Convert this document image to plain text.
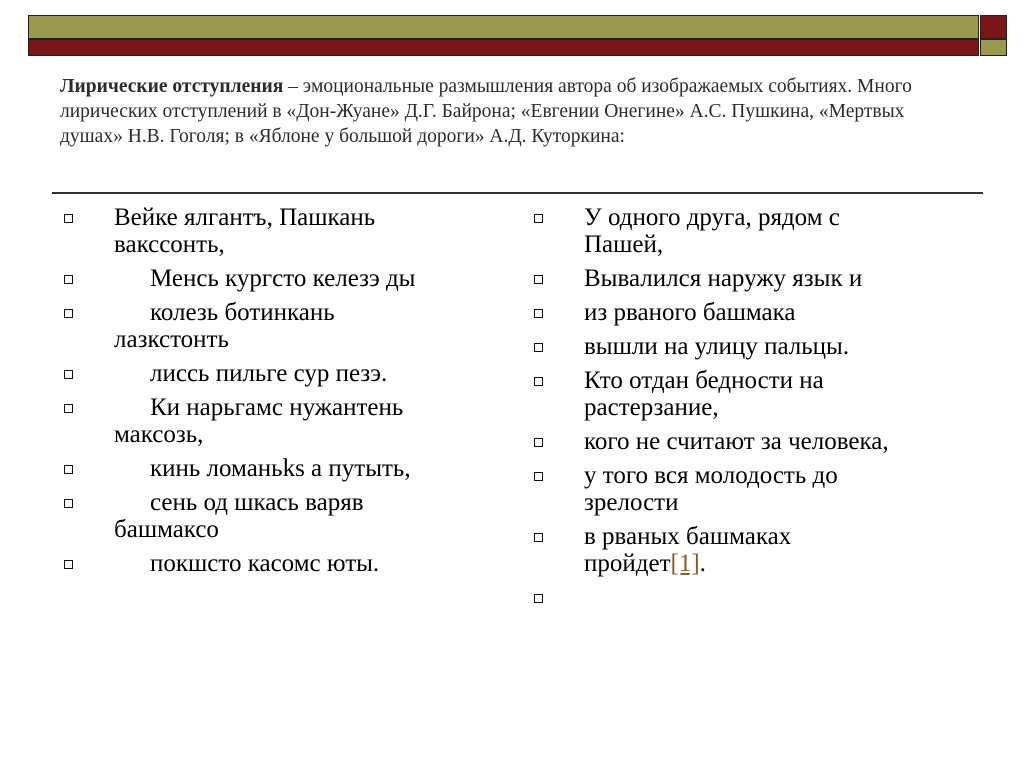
Лирические отступления – эмоциональные размышления автора об изображаемых событиях. Много лирических отступлений в «Дон-Жуане» Д.Г. Байрона; «Евгении Онегине» А.С. Пушкина, «Мертвых душах» Н.В. Гоголя; в «Яблоне у большой дороги» А.Д. Куторкина:
Вейке ялгантъ, Пашкань
вакссонть,
Менсь кургсто келезэ ды
колезь ботинкань
лазкстонть
лиссь пильге сур пезэ.
Ки нарьгамс нужантень
максозь,
кинь ломаньks а путыть,
сень од шкась варяв
башмаксо
покшсто касомс юты.
У одного друга, рядом с
Пашей,
Вывалился наружу язык и
из рваного башмака
вышли на улицу пальцы.
Кто отдан бедности на
растерзание,
кого не считают за человека,
у того вся молодость до
зрелости
в рваных башмаках
пройдет[1].
